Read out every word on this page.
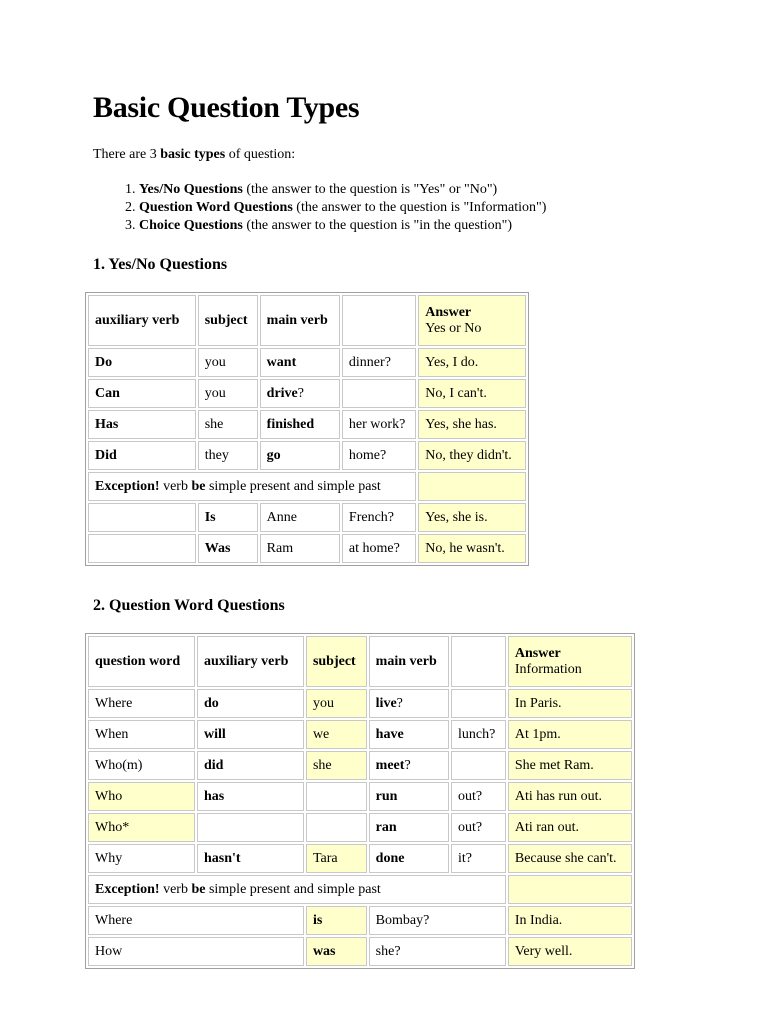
Basic Question Types

There are 3 basic types of question:

1. Yes/No Questions (the answer to the question is "Yes" or "No")
2. Question Word Questions (the answer to the question is "Information")
3. Choice Questions (the answer to the question is "in the question")
1. Yes/No Questions
auxiliary verb	subject	main verb		Answer
Yes or No
Do	you	want	dinner?	Yes, I do.
Can	you	drive?		No, I can't.
Has	she	finished	her work?	Yes, she has.
Did	they	go	home?	No, they didn't.
Exception! verb be simple present and simple past				
	Is	Anne	French?	Yes, she is.
	Was	Ram	at home?	No, he wasn't.
2. Question Word Questions
question word	auxiliary verb	subject	main verb		Answer
Information
Where	do	you	live?		In Paris.
When	will	we	have	lunch?	At 1pm.
Who(m)	did	she	meet?		She met Ram.
Who	has		run	out?	Ati has run out.
Who*			ran	out?	Ati ran out.
Why	hasn't	Tara	done	it?	Because she can't.
Exception! verb be simple present and simple past					
Where		is	Bombay?		In India.
How		was	she?		Very well.
